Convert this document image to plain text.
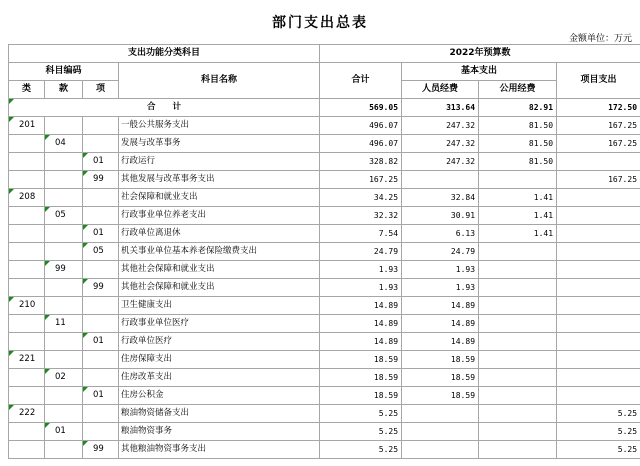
部门支出总表
金额单位：万元
支出功能分类科目				2022年预算数			
科目编码			科目名称	合计	基本支出		项目支出
类	款	项			人员经费	公用经费	
合　　计				569.05	313.64	82.91	172.50
201			一般公共服务支出	496.07	247.32	81.50	167.25
	04		发展与改革事务	496.07	247.32	81.50	167.25
		01	行政运行	328.82	247.32	81.50	
		99	其他发展与改革事务支出	167.25			167.25
208			社会保障和就业支出	34.25	32.84	1.41	
	05		行政事业单位养老支出	32.32	30.91	1.41	
		01	行政单位离退休	7.54	6.13	1.41	
		05	机关事业单位基本养老保险缴费支出	24.79	24.79		
	99		其他社会保障和就业支出	1.93	1.93		
		99	其他社会保障和就业支出	1.93	1.93		
210			卫生健康支出	14.89	14.89		
	11		行政事业单位医疗	14.89	14.89		
		01	行政单位医疗	14.89	14.89		
221			住房保障支出	18.59	18.59		
	02		住房改革支出	18.59	18.59		
		01	住房公积金	18.59	18.59		
222			粮油物资储备支出	5.25			5.25
	01		粮油物资事务	5.25			5.25
		99	其他粮油物资事务支出	5.25			5.25
